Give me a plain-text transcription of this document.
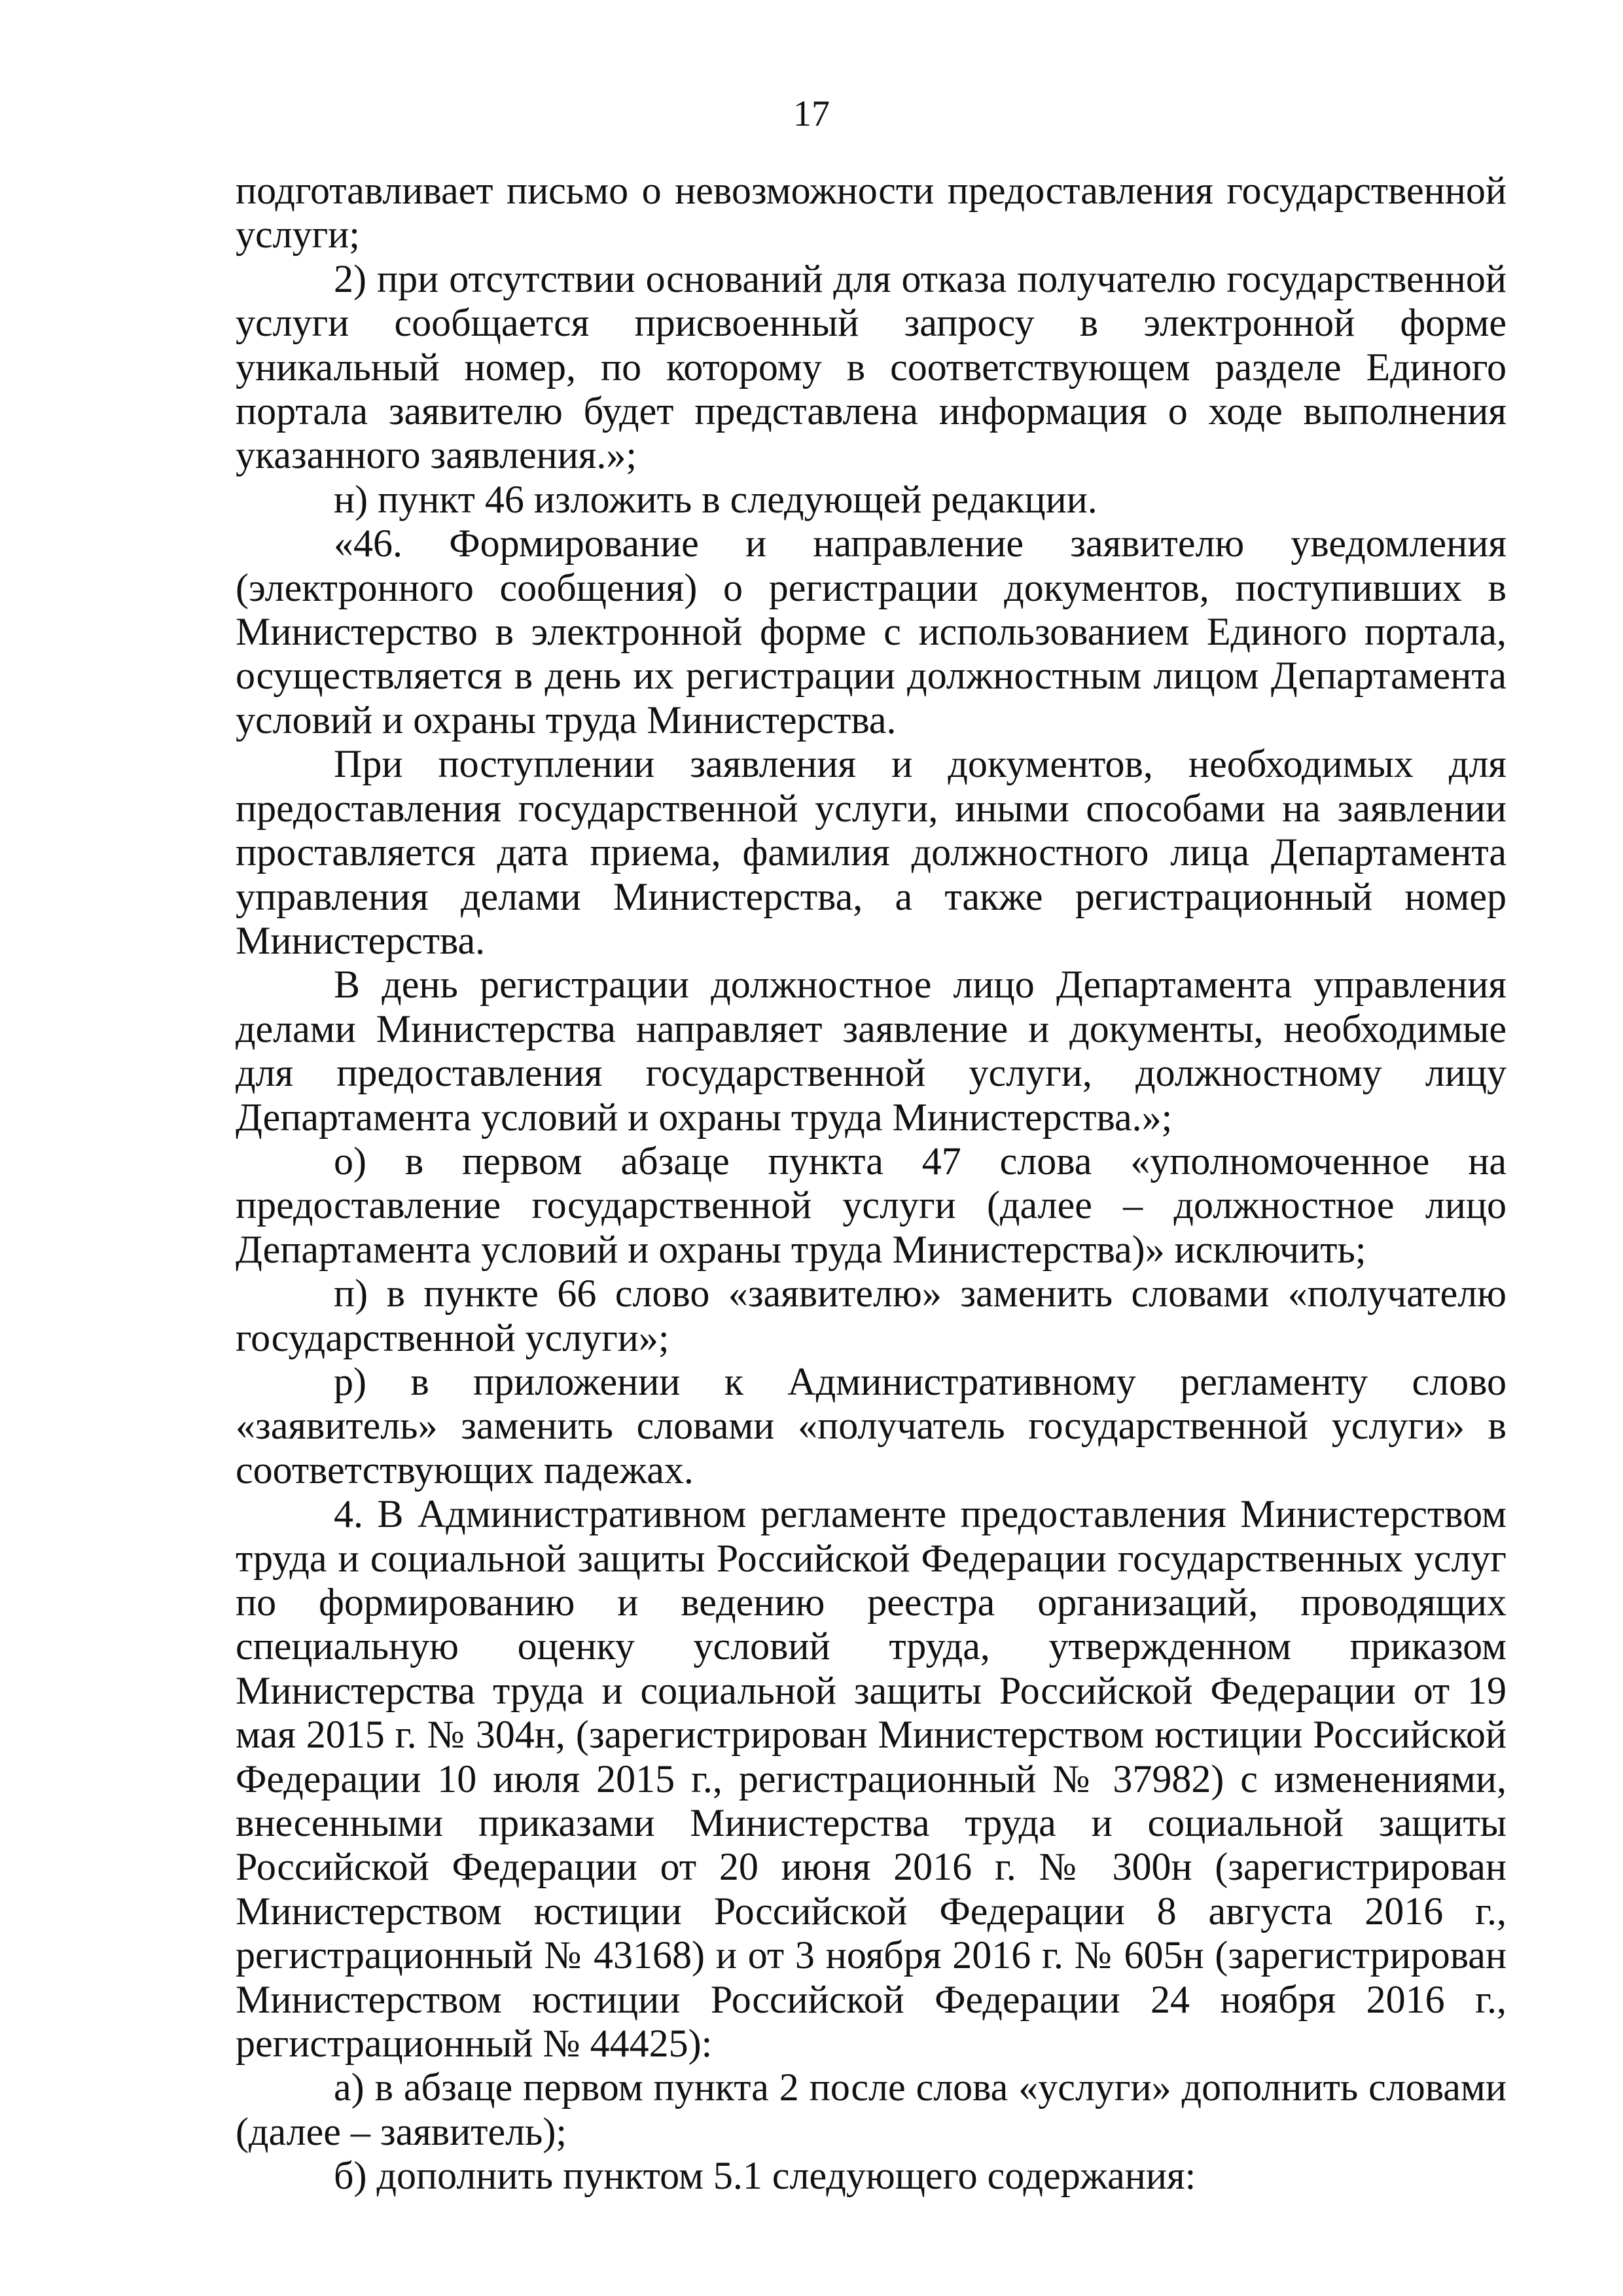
17

подготавливает письмо о невозможности предоставления государственной услуги;

2) при отсутствии оснований для отказа получателю государственной услуги сообщается присвоенный запросу в электронной форме уникальный номер, по которому в соответствующем разделе Единого портала заявителю будет представлена информация о ходе выполнения указанного заявления.»;

н) пункт 46 изложить в следующей редакции.

«46. Формирование и направление заявителю уведомления (электронного сообщения) о регистрации документов, поступивших в Министерство в электронной форме с использованием Единого портала, осуществляется в день их регистрации должностным лицом Департамента условий и охраны труда Министерства.

При поступлении заявления и документов, необходимых для предоставления государственной услуги, иными способами на заявлении проставляется дата приема, фамилия должностного лица Департамента управления делами Министерства, а также регистрационный номер Министерства.

В день регистрации должностное лицо Департамента управления делами Министерства направляет заявление и документы, необходимые для предоставления государственной услуги, должностному лицу Департамента условий и охраны труда Министерства.»;

о) в первом абзаце пункта 47 слова «уполномоченное на предоставление государственной услуги (далее – должностное лицо Департамента условий и охраны труда Министерства)» исключить;

п) в пункте 66 слово «заявителю» заменить словами «получателю государственной услуги»;

р) в приложении к Административному регламенту слово «заявитель» заменить словами «получатель государственной услуги» в соответствующих падежах.

4. В Административном регламенте предоставления Министерством труда и социальной защиты Российской Федерации государственных услуг по формированию и ведению реестра организаций, проводящих специальную оценку условий труда, утвержденном приказом Министерства труда и социальной защиты Российской Федерации от 19 мая 2015 г. № 304н, (зарегистрирован Министерством юстиции Российской Федерации 10 июля 2015 г., регистрационный № 37982) с изменениями, внесенными приказами Министерства труда и социальной защиты Российской Федерации от 20 июня 2016 г. № 300н (зарегистрирован Министерством юстиции Российской Федерации 8 августа 2016 г., регистрационный № 43168) и от 3 ноября 2016 г. № 605н (зарегистрирован Министерством юстиции Российской Федерации 24 ноября 2016 г., регистрационный № 44425):

а) в абзаце первом пункта 2 после слова «услуги» дополнить словами (далее – заявитель);

б) дополнить пунктом 5.1 следующего содержания:
